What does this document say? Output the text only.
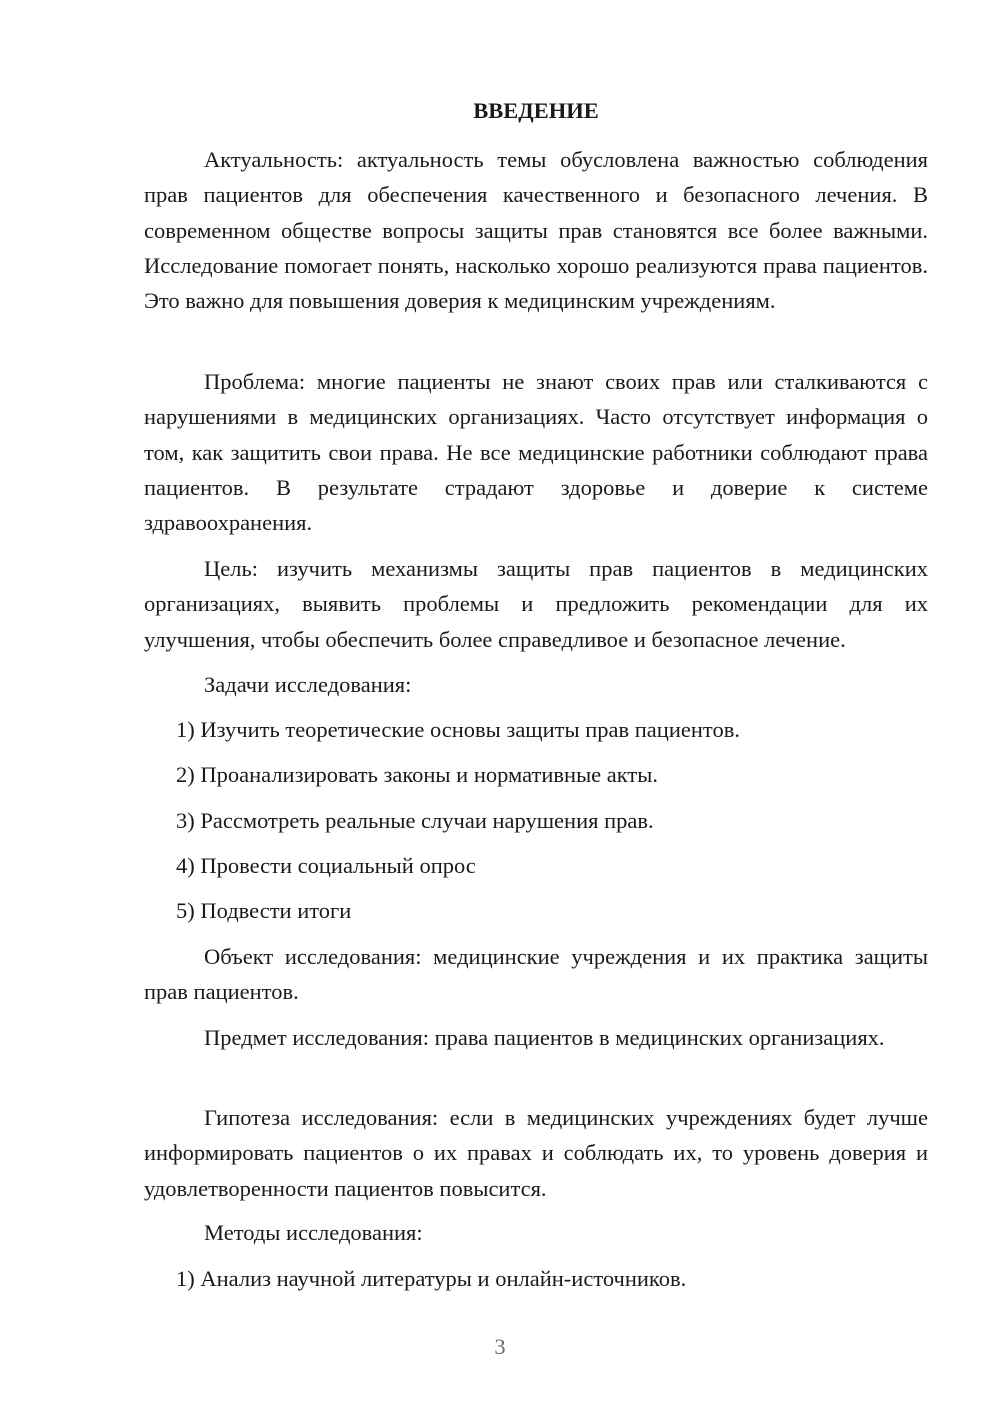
ВВЕДЕНИЕ

Актуальность: актуальность темы обусловлена важностью соблюдения прав пациентов для обеспечения качественного и безопасного лечения. В современном обществе вопросы защиты прав становятся все более важными. Исследование помогает понять, насколько хорошо реализуются права пациентов. Это важно для повышения доверия к медицинским учреждениям.

Проблема: многие пациенты не знают своих прав или сталкиваются с нарушениями в медицинских организациях. Часто отсутствует информация о том, как защитить свои права. Не все медицинские работники соблюдают права пациентов. В результате страдают здоровье и доверие к системе здравоохранения.

Цель: изучить механизмы защиты прав пациентов в медицинских организациях, выявить проблемы и предложить рекомендации для их улучшения, чтобы обеспечить более справедливое и безопасное лечение.

Задачи исследования:

1) Изучить теоретические основы защиты прав пациентов.

2) Проанализировать законы и нормативные акты.

3) Рассмотреть реальные случаи нарушения прав.

4) Провести социальный опрос

5) Подвести итоги

Объект исследования: медицинские учреждения и их практика защиты прав пациентов.

Предмет исследования: права пациентов в медицинских организациях.

Гипотеза исследования: если в медицинских учреждениях будет лучше информировать пациентов о их правах и соблюдать их, то уровень доверия и удовлетворенности пациентов повысится.

Методы исследования:

1) Анализ научной литературы и онлайн-источников.

3
